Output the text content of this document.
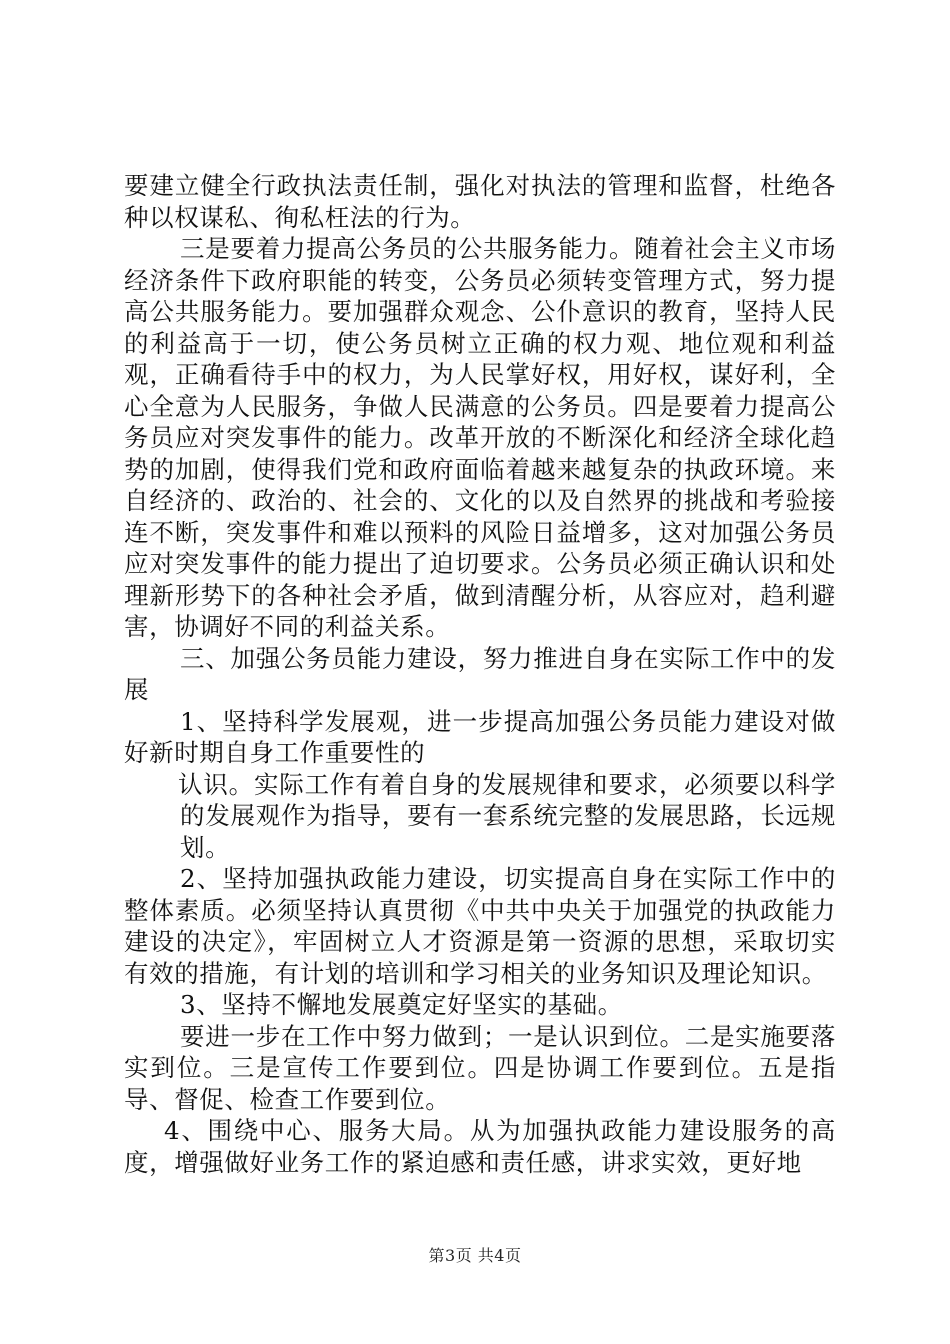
要建立健全行政执法责任制，强化对执法的管理和监督，杜绝各种以权谋私、徇私枉法的行为。

三是要着力提高公务员的公共服务能力。随着社会主义市场经济条件下政府职能的转变，公务员必须转变管理方式，努力提高公共服务能力。要加强群众观念、公仆意识的教育，坚持人民的利益高于一切，使公务员树立正确的权力观、地位观和利益观，正确看待手中的权力，为人民掌好权，用好权，谋好利，全心全意为人民服务，争做人民满意的公务员。四是要着力提高公务员应对突发事件的能力。改革开放的不断深化和经济全球化趋势的加剧，使得我们党和政府面临着越来越复杂的执政环境。来自经济的、政治的、社会的、文化的以及自然界的挑战和考验接连不断，突发事件和难以预料的风险日益增多，这对加强公务员应对突发事件的能力提出了迫切要求。公务员必须正确认识和处理新形势下的各种社会矛盾，做到清醒分析，从容应对，趋利避害，协调好不同的利益关系。

三、加强公务员能力建设，努力推进自身在实际工作中的发展

1、坚持科学发展观，进一步提高加强公务员能力建设对做好新时期自身工作重要性的

认识。实际工作有着自身的发展规律和要求，必须要以科学的发展观作为指导，要有一套系统完整的发展思路，长远规划。

2、坚持加强执政能力建设，切实提高自身在实际工作中的整体素质。必须坚持认真贯彻《中共中央关于加强党的执政能力建设的决定》，牢固树立人才资源是第一资源的思想，采取切实有效的措施，有计划的培训和学习相关的业务知识及理论知识。

3、坚持不懈地发展奠定好坚实的基础。

要进一步在工作中努力做到；一是认识到位。二是实施要落实到位。三是宣传工作要到位。四是协调工作要到位。五是指导、督促、检查工作要到位。

4、围绕中心、服务大局。从为加强执政能力建设服务的高度，增强做好业务工作的紧迫感和责任感，讲求实效，更好地

第3页 共4页
